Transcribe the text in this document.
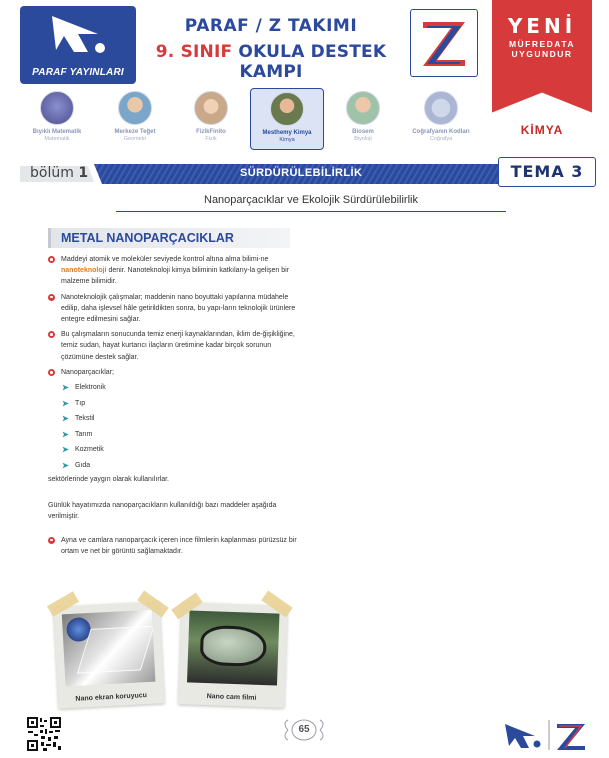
PARAF YAYINLARI
PARAF / Z TAKIMI
9. SINIF OKULA DESTEK KAMPI
YENİ
MÜFREDATA
UYGUNDUR
KİMYA
Bıyıklı Matematik
Matematik
Merkeze Teğet
Geometri
FizikFinito
Fizik
Mesthemy Kimya
Kimya
Biosem
Biyoloji
Coğrafyanın Kodları
Coğrafya
bölüm 1	SÜRDÜRÜLEBİLİRLİK	TEMA 3
Nanoparçacıklar ve Ekolojik Sürdürülebilirlik
METAL NANOPARÇACIKLAR
Maddeyi atomik ve moleküler seviyede kontrol altına alma bilimi-ne nanoteknoloji denir. Nanoteknoloji kimya biliminin katkılarıy-la gelişen bir malzeme bilimidir.
Nanoteknolojik çalışmalar; maddenin nano boyuttaki yapılarına müdahele edilip, daha işlevsel hâle getirildikten sonra, bu yapı-ların teknolojik ürünlere entegre edilmesini sağlar.
Bu çalışmaların sonucunda temiz enerji kaynaklarından, iklim de-ğişikliğine, temiz sudan, hayat kurtarıcı ilaçların üretimine kadar birçok sorunun çözümüne destek sağlar.
Nanoparçacıklar;
➤ Elektronik
➤ Tıp
➤ Tekstil
➤ Tarım
➤ Kozmetik
➤ Gıda
sektörlerinde yaygın olarak kullanılırlar.
Günlük hayatımızda nanoparçacıkların kullanıldığı bazı maddeler aşağıda verilmiştir.
Ayna ve camlara nanoparçacık içeren ince filmlerin kaplanması pürüzsüz bir ortam ve net bir görüntü sağlamaktadır.
Nano ekran koruyucu	Nano cam filmi
65
